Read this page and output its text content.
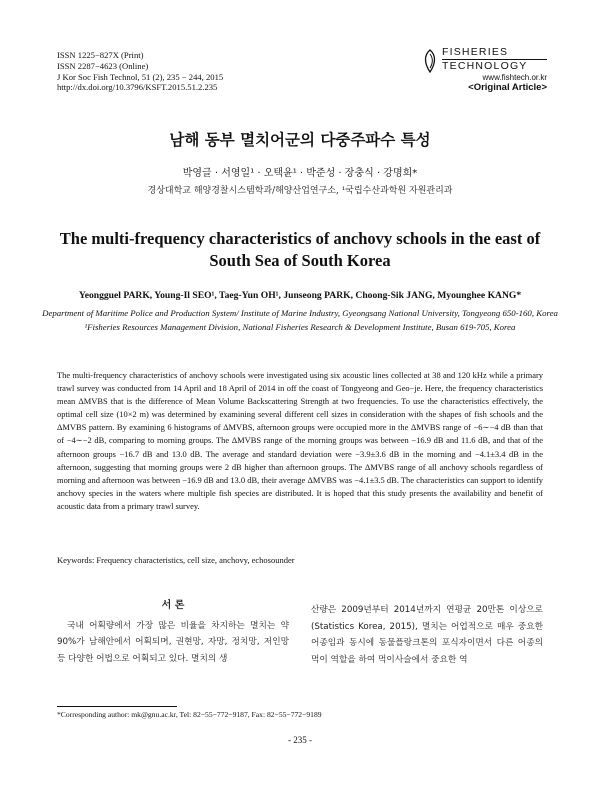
ISSN 1225−827X (Print)
ISSN 2287−4623 (Online)
J Kor Soc Fish Technol, 51 (2), 235 − 244, 2015
http://dx.doi.org/10.3796/KSFT.2015.51.2.235
FISHERIES
TECHNOLOGY
www.fishtech.or.kr
<Original Article>
남해 동부 멸치어군의 다중주파수 특성
박영글 · 서영일¹ · 오택윤¹ · 박준성 · 장충식 · 강명희*
경상대학교 해양경찰시스템학과/해양산업연구소, ¹국립수산과학원 자원관리과
The multi-frequency characteristics of anchovy schools in the east of South Sea of South Korea
Yeongguel PARK, Young-Il SEO¹, Taeg-Yun OH¹, Junseong PARK, Choong-Sik JANG, Myounghee KANG*
Department of Maritime Police and Production System/ Institute of Marine Industry, Gyeongsang National University, Tongyeong 650-160, Korea
¹Fisheries Resources Management Division, National Fisheries Research & Development Institute, Busan 619-705, Korea
The multi-frequency characteristics of anchovy schools were investigated using six acoustic lines collected at 38 and 120 kHz while a primary trawl survey was conducted from 14 April and 18 April of 2014 in off the coast of Tongyeong and Geo−je. Here, the frequency characteristics mean ΔMVBS that is the difference of Mean Volume Backscattering Strength at two frequencies. To use the characteristics effectively, the optimal cell size (10×2 m) was determined by examining several different cell sizes in consideration with the shapes of fish schools and the ΔMVBS pattern. By examining 6 histograms of ΔMVBS, afternoon groups were occupied more in the ΔMVBS range of −6∼−4 dB than that of −4∼−2 dB, comparing to morning groups. The ΔMVBS range of the morning groups was between −16.9 dB and 11.6 dB, and that of the afternoon groups −16.7 dB and 13.0 dB. The average and standard deviation were −3.9±3.6 dB in the morning and −4.1±3.4 dB in the afternoon, suggesting that morning groups were 2 dB higher than afternoon groups. The ΔMVBS range of all anchovy schools regardless of morning and afternoon was between −16.9 dB and 13.0 dB, their average ΔMVBS was −4.1±3.5 dB. The characteristics can support to identify anchovy species in the waters where multiple fish species are distributed. It is hoped that this study presents the availability and benefit of acoustic data from a primary trawl survey.
Keywords: Frequency characteristics, cell size, anchovy, echosounder
서 론
국내 어획량에서 가장 많은 비율을 차지하는 멸치는 약 90%가 남해안에서 어획되며, 권현망, 자망, 정치망, 저인망 등 다양한 어법으로 어획되고 있다. 멸치의 생
산량은 2009년부터 2014년까지 연평균 20만톤 이상으로 (Statistics Korea, 2015), 멸치는 어업적으로 매우 중요한 어종임과 동시에 동물플랑크톤의 포식자이면서 다른 어종의 먹이 역할을 하여 먹이사슬에서 중요한 역
*Corresponding author: mk@gnu.ac.kr, Tel: 82−55−772−9187, Fax: 82−55−772−9189
- 235 -
